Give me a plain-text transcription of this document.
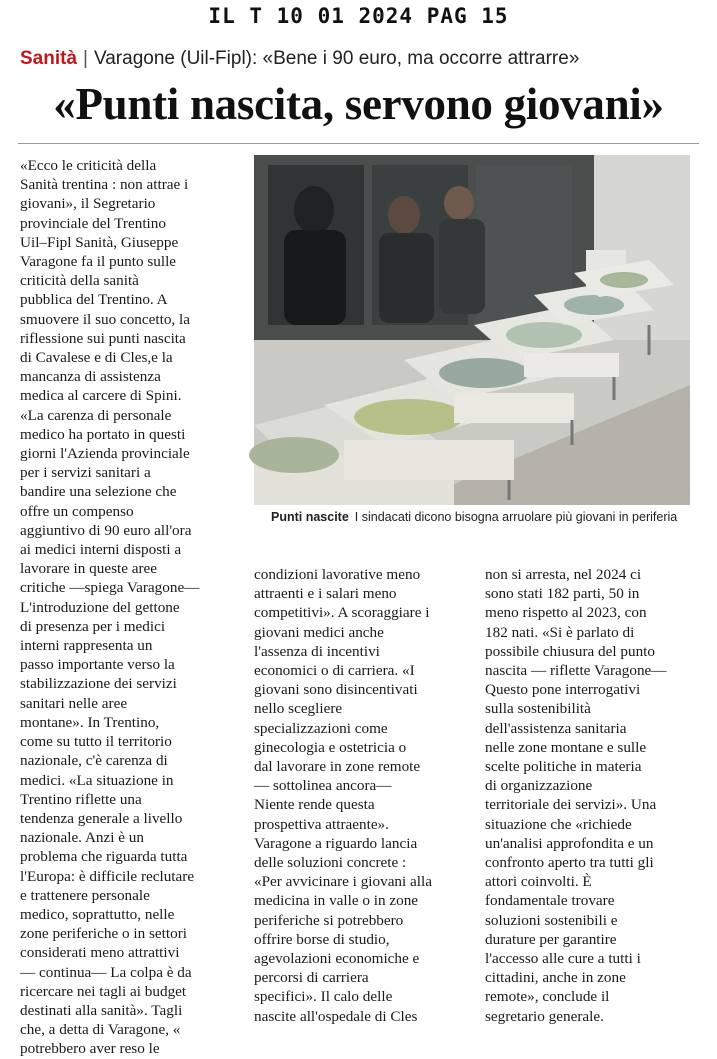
IL T 10 01 2024 PAG 15
Sanità | Varagone (Uil-Fipl): «Bene i 90 euro, ma occorre attrarre»
«Punti nascita, servono giovani»
«Ecco le criticità della
Sanità trentina : non attrae i
giovani», il Segretario
provinciale del Trentino
Uil–Fipl Sanità, Giuseppe
Varagone fa il punto sulle
criticità della sanità
pubblica del Trentino. A
smuovere il suo concetto, la
riflessione sui punti nascita
di Cavalese e di Cles,e la
mancanza di assistenza
medica al carcere di Spini.
«La carenza di personale
medico ha portato in questi
giorni l'Azienda provinciale
per i servizi sanitari a
bandire una selezione che
offre un compenso
aggiuntivo di 90 euro all'ora
ai medici interni disposti a
lavorare in queste aree
critiche —spiega Varagone—
L'introduzione del gettone
di presenza per i medici
interni rappresenta un
passo importante verso la
stabilizzazione dei servizi
sanitari nelle aree
montane». In Trentino,
come su tutto il territorio
nazionale, c'è carenza di
medici. «La situazione in
Trentino riflette una
tendenza generale a livello
nazionale. Anzi è un
problema che riguarda tutta
l'Europa: è difficile reclutare
e trattenere personale
medico, soprattutto, nelle
zone periferiche o in settori
considerati meno attrattivi
— continua— La colpa è da
ricercare nei tagli ai budget
destinati alla sanità». Tagli
che, a detta di Varagone, «
potrebbero aver reso le
Punti nascite I sindacati dicono bisogna arruolare più giovani in periferia
condizioni lavorative meno
attraenti e i salari meno
competitivi». A scoraggiare i
giovani medici anche
l'assenza di incentivi
economici o di carriera. «I
giovani sono disincentivati
nello scegliere
specializzazioni come
ginecologia e ostetricia o
dal lavorare in zone remote
— sottolinea ancora—
Niente rende questa
prospettiva attraente».
Varagone a riguardo lancia
delle soluzioni concrete :
«Per avvicinare i giovani alla
medicina in valle o in zone
periferiche si potrebbero
offrire borse di studio,
agevolazioni economiche e
percorsi di carriera
specifici». Il calo delle
nascite all'ospedale di Cles
non si arresta, nel 2024 ci
sono stati 182 parti, 50 in
meno rispetto al 2023, con
182 nati. «Si è parlato di
possibile chiusura del punto
nascita — riflette Varagone—
Questo pone interrogativi
sulla sostenibilità
dell'assistenza sanitaria
nelle zone montane e sulle
scelte politiche in materia
di organizzazione
territoriale dei servizi». Una
situazione che «richiede
un'analisi approfondita e un
confronto aperto tra tutti gli
attori coinvolti. È
fondamentale trovare
soluzioni sostenibili e
durature per garantire
l'accesso alle cure a tutti i
cittadini, anche in zone
remote», conclude il
segretario generale.
